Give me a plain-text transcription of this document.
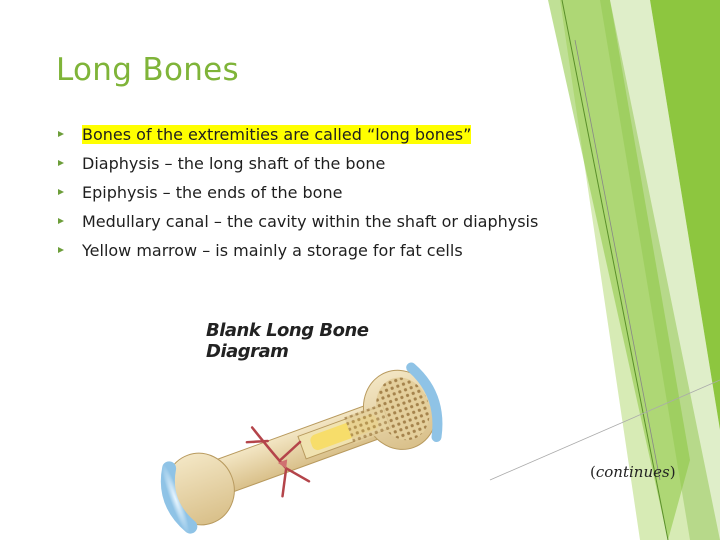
Long Bones
Bones of the extremities are called “long bones”
Diaphysis – the long shaft of the bone
Epiphysis – the ends of the bone
Medullary canal – the cavity within the shaft or diaphysis
Yellow marrow – is mainly a storage for fat cells
Blank Long Bone Diagram
(continues)
